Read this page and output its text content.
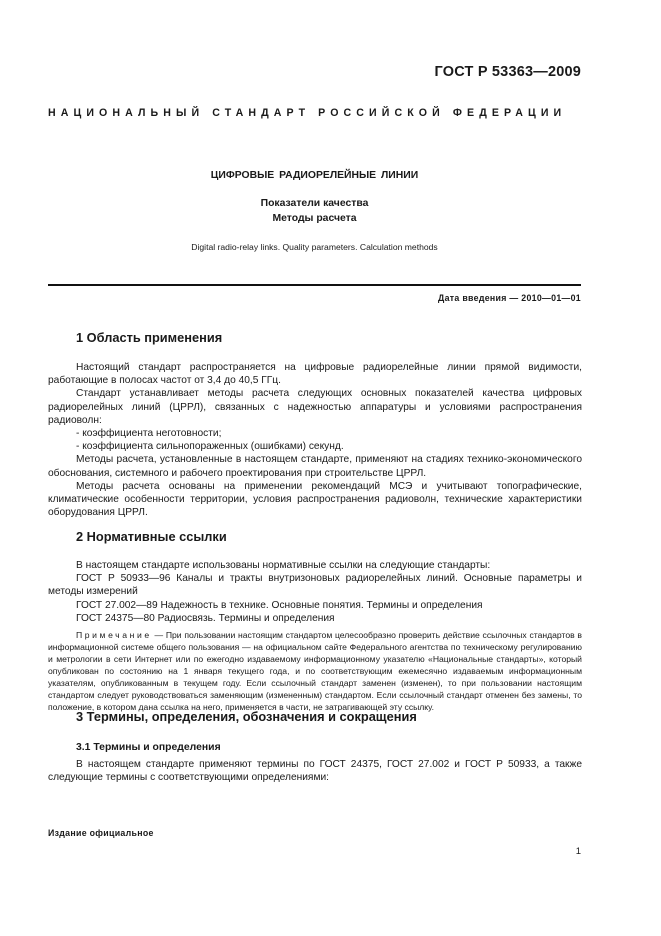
ГОСТ Р 53363—2009
НАЦИОНАЛЬНЫЙ СТАНДАРТ РОССИЙСКОЙ ФЕДЕРАЦИИ
ЦИФРОВЫЕ РАДИОРЕЛЕЙНЫЕ ЛИНИИ
Показатели качества
Методы расчета
Digital radio-relay links. Quality parameters. Calculation methods
Дата введения — 2010—01—01
1 Область применения

Настоящий стандарт распространяется на цифровые радиорелейные линии прямой видимости, работающие в полосах частот от 3,4 до 40,5 ГГц.

Стандарт устанавливает методы расчета следующих основных показателей качества цифровых радиорелейных линий (ЦРРЛ), связанных с надежностью аппаратуры и условиями распространения радиоволн:

- коэффициента неготовности;

- коэффициента сильнопораженных (ошибками) секунд.

Методы расчета, установленные в настоящем стандарте, применяют на стадиях технико-экономического обоснования, системного и рабочего проектирования при строительстве ЦРРЛ.

Методы расчета основаны на применении рекомендаций МСЭ и учитывают топографические, климатические особенности территории, условия распространения радиоволн, технические характеристики оборудования ЦРРЛ.

2 Нормативные ссылки

В настоящем стандарте использованы нормативные ссылки на следующие стандарты:

ГОСТ Р 50933—96 Каналы и тракты внутризоновых радиорелейных линий. Основные параметры и методы измерений

ГОСТ 27.002—89 Надежность в технике. Основные понятия. Термины и определения

ГОСТ 24375—80 Радиосвязь. Термины и определения

Примечание — При пользовании настоящим стандартом целесообразно проверить действие ссылочных стандартов в информационной системе общего пользования — на официальном сайте Федерального агентства по техническому регулированию и метрологии в сети Интернет или по ежегодно издаваемому информационному указателю «Национальные стандарты», который опубликован по состоянию на 1 января текущего года, и по соответствующим ежемесячно издаваемым информационным указателям, опубликованным в текущем году. Если ссылочный стандарт заменен (изменен), то при пользовании настоящим стандартом следует руководствоваться заменяющим (измененным) стандартом. Если ссылочный стандарт отменен без замены, то положение, в котором дана ссылка на него, применяется в части, не затрагивающей эту ссылку.

3 Термины, определения, обозначения и сокращения
3.1 Термины и определения

В настоящем стандарте применяют термины по ГОСТ 24375, ГОСТ 27.002 и ГОСТ Р 50933, а также следующие термины с соответствующими определениями:

Издание официальное
1
